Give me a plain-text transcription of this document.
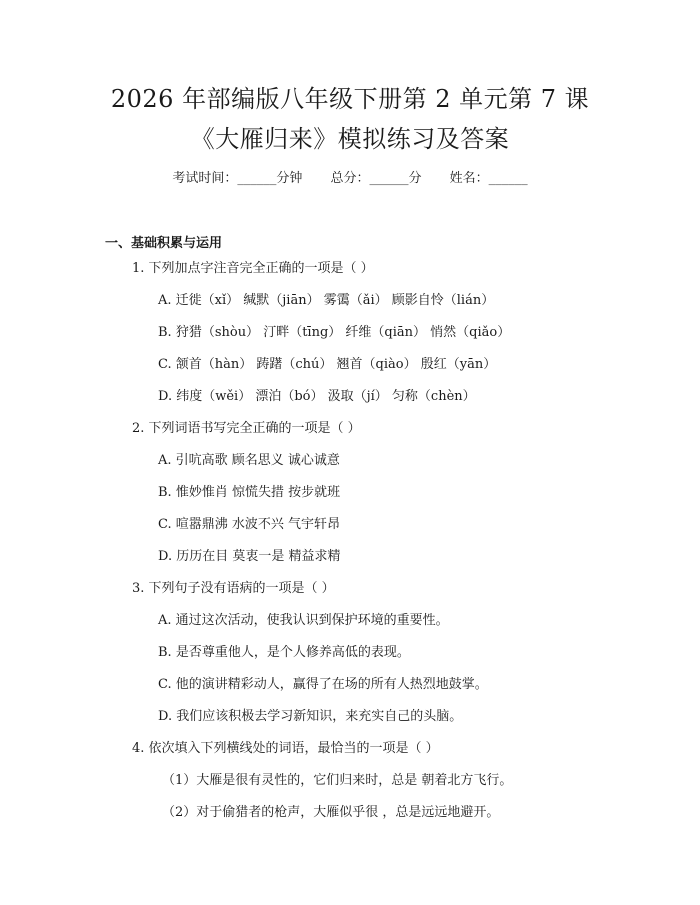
2026 年部编版八年级下册第 2 单元第 7 课
《大雁归来》模拟练习及答案
考试时间：______分钟 总分：______分 姓名：______
一、基础积累与运用
1. 下列加点字注音完全正确的一项是（ ）
A. 迁徙（xǐ） 缄默（jiān） 雾霭（ǎi） 顾影自怜（lián）
B. 狩猎（shòu） 汀畔（tīng） 纤维（qiān） 悄然（qiǎo）
C. 颔首（hàn） 踌躇（chú） 翘首（qiào） 殷红（yān）
D. 纬度（wěi） 漂泊（bó） 汲取（jí） 匀称（chèn）
2. 下列词语书写完全正确的一项是（ ）
A. 引吭高歌 顾名思义 诚心诚意
B. 惟妙惟肖 惊慌失措 按步就班
C. 喧嚣鼎沸 水波不兴 气宇轩昂
D. 历历在目 莫衷一是 精益求精
3. 下列句子没有语病的一项是（ ）
A. 通过这次活动，使我认识到保护环境的重要性。
B. 是否尊重他人，是个人修养高低的表现。
C. 他的演讲精彩动人，赢得了在场的所有人热烈地鼓掌。
D. 我们应该积极去学习新知识，来充实自己的头脑。
4. 依次填入下列横线处的词语，最恰当的一项是（ ）
（1）大雁是很有灵性的，它们归来时，总是 朝着北方飞行。
（2）对于偷猎者的枪声，大雁似乎很 ，总是远远地避开。
